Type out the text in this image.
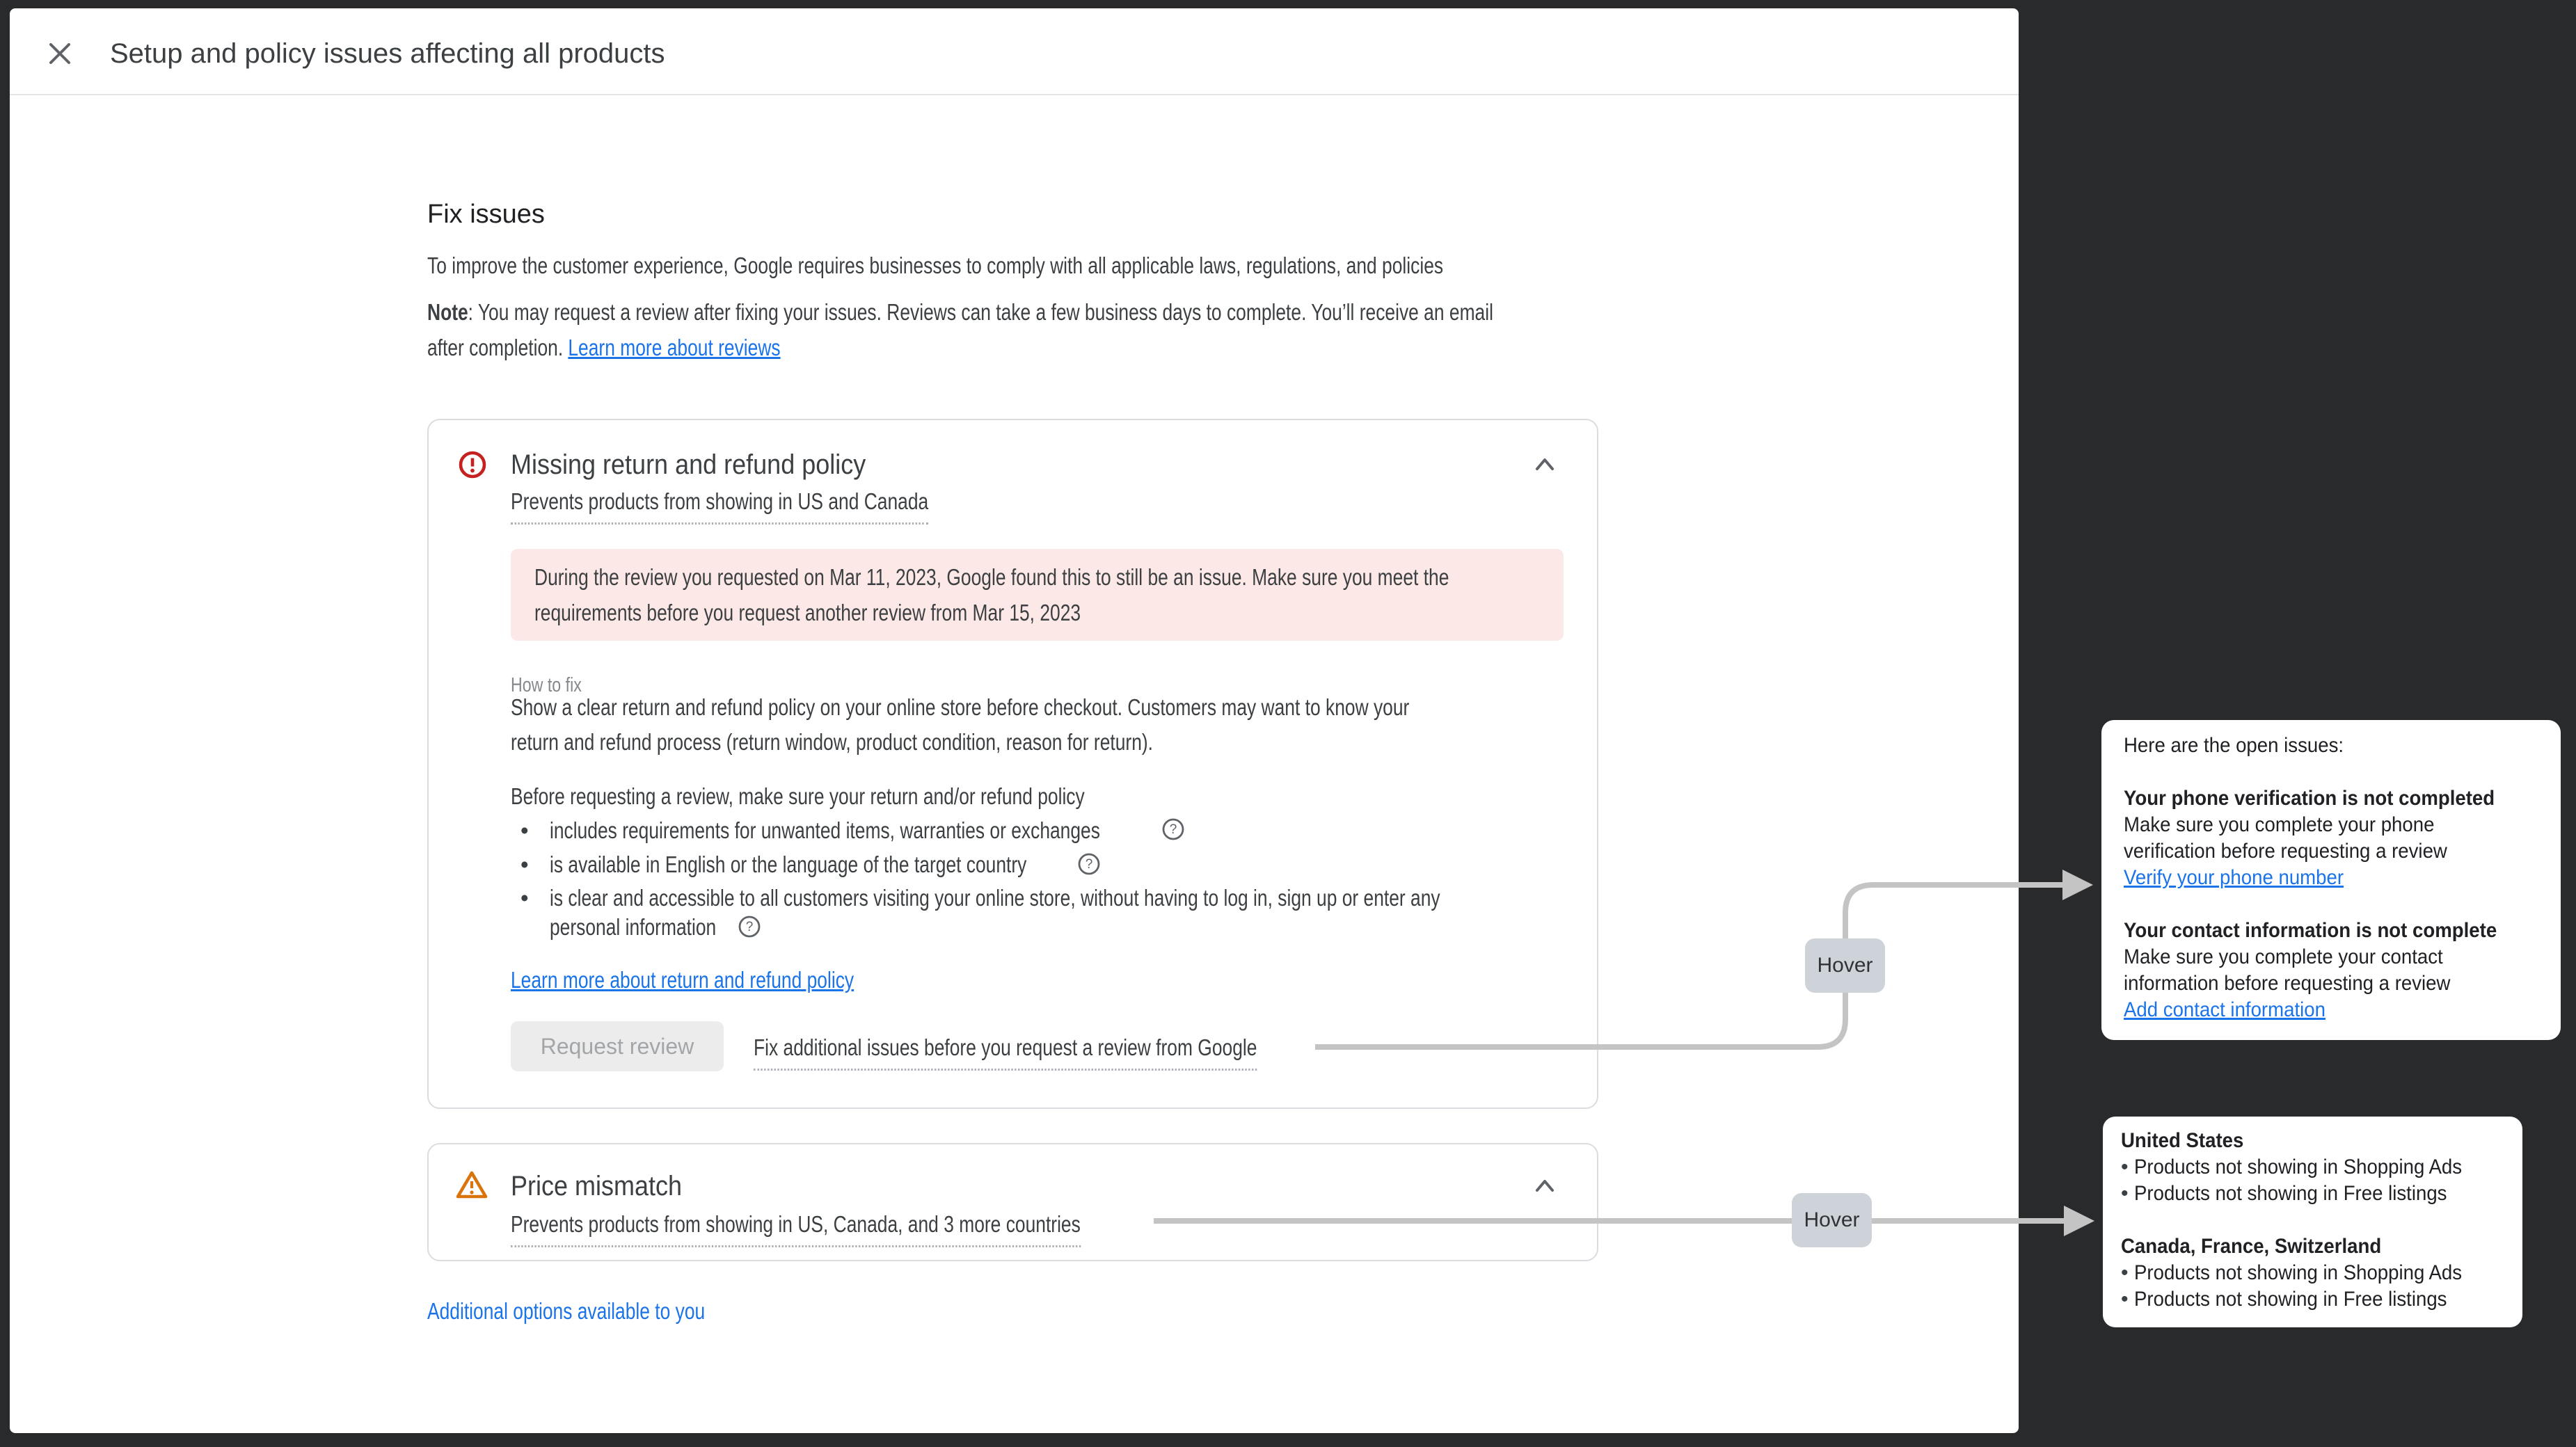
Setup and policy issues affecting all products
Fix issues
To improve the customer experience, Google requires businesses to comply with all applicable laws, regulations, and policies
Note: You may request a review after fixing your issues. Reviews can take a few business days to complete. You’ll receive an email
after completion. Learn more about reviews
Missing return and refund policy
Prevents products from showing in US and Canada
During the review you requested on Mar 11, 2023, Google found this to still be an issue. Make sure you meet the
requirements before you request another review from Mar 15, 2023
How to fix
Show a clear return and refund policy on your online store before checkout. Customers may want to know your
return and refund process (return window, product condition, reason for return).
Before requesting a review, make sure your return and/or refund policy
•
includes requirements for unwanted items, warranties or exchanges
•
is available in English or the language of the target country
•
is clear and accessible to all customers visiting your online store, without having to log in, sign up or enter any
personal information
?
?
?
Learn more about return and refund policy
Request review	Fix additional issues before you request a review from Google
Price mismatch
Prevents products from showing in US, Canada, and 3 more countries
Additional options available to you
Hover
Hover
Here are the open issues:
Your phone verification is not completed
Make sure you complete your phone
verification before requesting a review
Verify your phone number
Your contact information is not complete
Make sure you complete your contact
information before requesting a review
Add contact information
United States
• Products not showing in Shopping Ads
• Products not showing in Free listings
Canada, France, Switzerland
• Products not showing in Shopping Ads
• Products not showing in Free listings
